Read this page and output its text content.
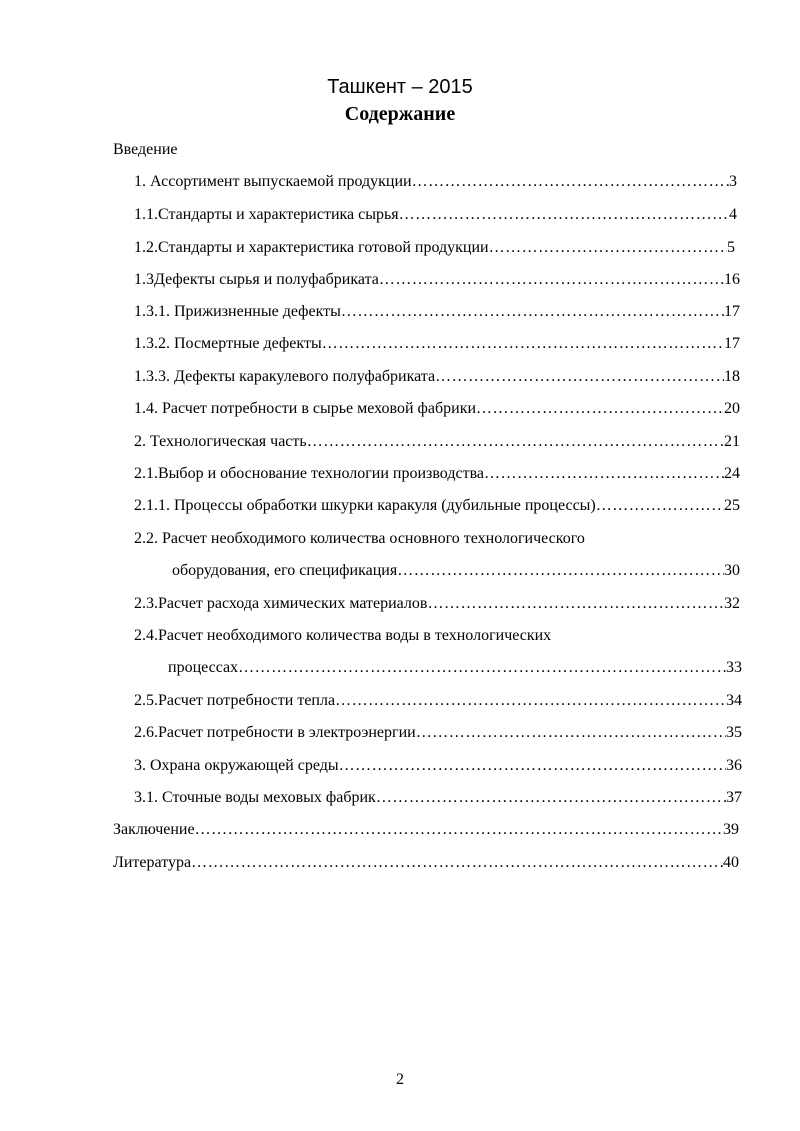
Ташкент – 2015
Содержание
Введение
1. Ассортимент выпускаемой продукции ……………………………………………………………………………………………………………………………………	3
1.1.Стандарты и характеристика сырья ……………………………………………………………………………………………………………………………………	4
1.2.Стандарты и характеристика готовой продукции ……………………………………………………………………………………………………………………………………	5
1.3Дефекты сырья и полуфабриката ……………………………………………………………………………………………………………………………………	16
1.3.1. Прижизненные дефекты ……………………………………………………………………………………………………………………………………	17
1.3.2. Посмертные дефекты ……………………………………………………………………………………………………………………………………	17
1.3.3. Дефекты каракулевого полуфабриката ……………………………………………………………………………………………………………………………………	18
1.4. Расчет потребности в сырье меховой фабрики ……………………………………………………………………………………………………………………………………	20
2. Технологическая часть ……………………………………………………………………………………………………………………………………	21
2.1.Выбор и обоснование технологии производства ……………………………………………………………………………………………………………………………………	24
2.1.1. Процессы обработки шкурки каракуля (дубильные процессы) ……………………………………………………………………………………………………………………………………	25
2.2. Расчет необходимого количества основного технологического
оборудования, его спецификация ……………………………………………………………………………………………………………………………………	30
2.3.Расчет расхода химических материалов ……………………………………………………………………………………………………………………………………	32
2.4.Расчет необходимого количества воды в технологических
процессах ……………………………………………………………………………………………………………………………………	33
2.5.Расчет потребности тепла ……………………………………………………………………………………………………………………………………	34
2.6.Расчет потребности в электроэнергии ……………………………………………………………………………………………………………………………………	35
3. Охрана окружающей среды ……………………………………………………………………………………………………………………………………	36
3.1. Сточные воды меховых фабрик ……………………………………………………………………………………………………………………………………	37
Заключение ……………………………………………………………………………………………………………………………………	39
Литература ……………………………………………………………………………………………………………………………………	40
2
